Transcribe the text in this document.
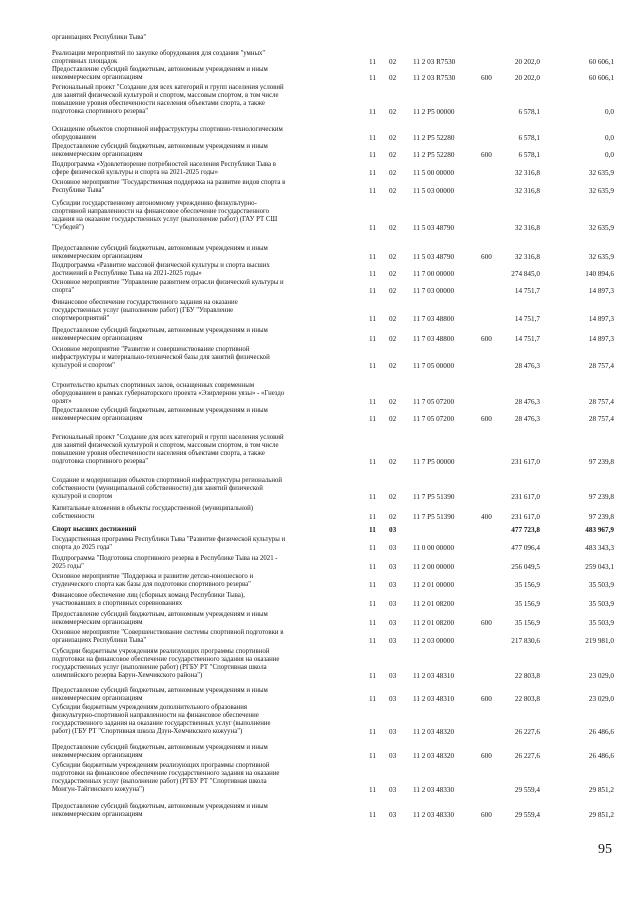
организациях Республики Тыва"
Реализации мероприятий по закупке оборудования для создания "умных"
спортивных площадок	11 02 11 2 03 R7530	20 202,0	60 606,1
Предоставление субсидий бюджетным, автономным учреждениям и иным
некоммерческим организациям	11 02 11 2 03 R7530	600	20 202,0	60 606,1
Региональный проект "Создание для всех категорий и групп населения условий
для занятий физической культурой и спортом, массовым спортом, в том числе
повышение уровня обеспеченности населения объектами спорта, а также
подготовка спортивного резерва"	11 02 11 2 P5 00000	6 578,1	0,0
Оснащение объектов спортивной инфраструктуры спортивно-технологическим
оборудованием	11 02 11 2 P5 52280	6 578,1	0,0
Предоставление субсидий бюджетным, автономным учреждениям и иным
некоммерческим организациям	11 02 11 2 P5 52280	600	6 578,1	0,0
Подпрограмма «Удовлетворение потребностей населения Республики Тыва в
сфере физической культуры и спорта на 2021-2025 годы»	11 02 11 5 00 00000	32 316,8	32 635,9
Основное мероприятие "Государственная поддержка на развитие видов спорта в
Республике Тыва"	11 02 11 5 03 00000	32 316,8	32 635,9
Субсидии государственному автономному учреждению физкультурно-
спортивной направленности на финансовое обеспечение государственного
задания на оказание государственных услуг (выполнение работ) (ГАУ РТ СШ
"Субедей")	11 02 11 5 03 48790	32 316,8	32 635,9
Предоставление субсидий бюджетным, автономным учреждениям и иным
некоммерческим организациям	11 02 11 5 03 48790	600	32 316,8	32 635,9
Подпрограмма «Развитие массовой физической культуры и спорта высших
достижений в Республике Тыва на 2021-2025 годы»	11 02 11 7 00 00000	274 845,0	140 894,6
Основное мероприятие "Управление развитием отрасли физической культуры и
спорта"	11 02 11 7 03 00000	14 751,7	14 897,3
Финансовое обеспечение государственного задания на оказание
государственных услуг (выполнение работ) (ГБУ "Управление
спортмероприятий"	11 02 11 7 03 48800	14 751,7	14 897,3
Предоставление субсидий бюджетным, автономным учреждениям и иным
некоммерческим организациям	11 02 11 7 03 48800	600	14 751,7	14 897,3
Основное мероприятие "Развитие и совершенствование спортивной
инфраструктуры и материально-технической базы для занятий физической
культурой и спортом"	11 02 11 7 05 00000	28 476,3	28 757,4
Строительство крытых спортивных залов, оснащенных современным
оборудованием в рамках губернаторского проекта «Эзирлернин уязы» - «Гнездо
орлят»	11 02 11 7 05 07200	28 476,3	28 757,4
Предоставление субсидий бюджетным, автономным учреждениям и иным
некоммерческим организациям	11 02 11 7 05 07200	600	28 476,3	28 757,4
Региональный проект "Создание для всех категорий и групп населения условий
для занятий физической культурой и спортом, массовым спортом, в том числе
повышение уровня обеспеченности населения объектами спорта, а также
подготовка спортивного резерва"	11 02 11 7 P5 00000	231 617,0	97 239,8
Создание и модернизация объектов спортивной инфраструктуры региональной
собственности (муниципальной собственности) для занятий физической
культурой и спортом	11 02 11 7 P5 51390	231 617,0	97 239,8
Капитальные вложения в объекты государственной (муниципальной)
собственности	11 02 11 7 P5 51390	400	231 617,0	97 239,8
Спорт высших достижений	11 03	477 723,8	483 967,9
Государственная программа Республики Тыва "Развитие физической культуры и
спорта до 2025 года"	11 03 11 0 00 00000	477 096,4	483 343,3
Подпрограмма "Подготовка спортивного резерва в Республике Тыва на 2021 -
2025 годы"	11 03 11 2 00 00000	256 049,5	259 043,1
Основное мероприятие "Поддержка и развитие детско-юношеского и
студенческого спорта как базы для подготовки спортивного резерва"	11 03 11 2 01 00000	35 156,9	35 503,9
Финансовое обеспечение лиц (сборных команд Республики Тыва),
участвовавших в спортивных соревнованиях	11 03 11 2 01 08200	35 156,9	35 503,9
Предоставление субсидий бюджетным, автономным учреждениям и иным
некоммерческим организациям	11 03 11 2 01 08200	600	35 156,9	35 503,9
Основное мероприятие "Совершенствование системы спортивной подготовки в
организациях Республики Тыва"	11 03 11 2 03 00000	217 830,6	219 981,0
Субсидии бюджетным учреждениям реализующих программы спортивной
подготовки на финансовое обеспечение государственного задания на оказание
государственных услуг (выполнение работ) (РГБУ РТ "Спортивная школа
олимпийского резерва Барун-Хемчикского района")	11 03 11 2 03 48310	22 803,8	23 029,0
Предоставление субсидий бюджетным, автономным учреждениям и иным
некоммерческим организациям	11 03 11 2 03 48310	600	22 803,8	23 029,0
Субсидии бюджетным учреждениям дополнительного образования
физкультурно-спортивной направленности на финансовое обеспечение
государственного задания на оказание государственных услуг (выполнение
работ) (ГБУ РТ "Спортивная школа Дзун-Хемчикского кожууна")	11 03 11 2 03 48320	26 227,6	26 486,6
Предоставление субсидий бюджетным, автономным учреждениям и иным
некоммерческим организациям	11 03 11 2 03 48320	600	26 227,6	26 486,6
Субсидии бюджетным учреждениям реализующих программы спортивной
подготовки на финансовое обеспечение государственного задания на оказание
государственных услуг (выполнение работ) (РГБУ РТ "Спортивная школа
Монгун-Тайгинского кожууна")	11 03 11 2 03 48330	29 559,4	29 851,2
Предоставление субсидий бюджетным, автономным учреждениям и иным
некоммерческим организациям	11 03 11 2 03 48330	600	29 559,4	29 851,2
95
